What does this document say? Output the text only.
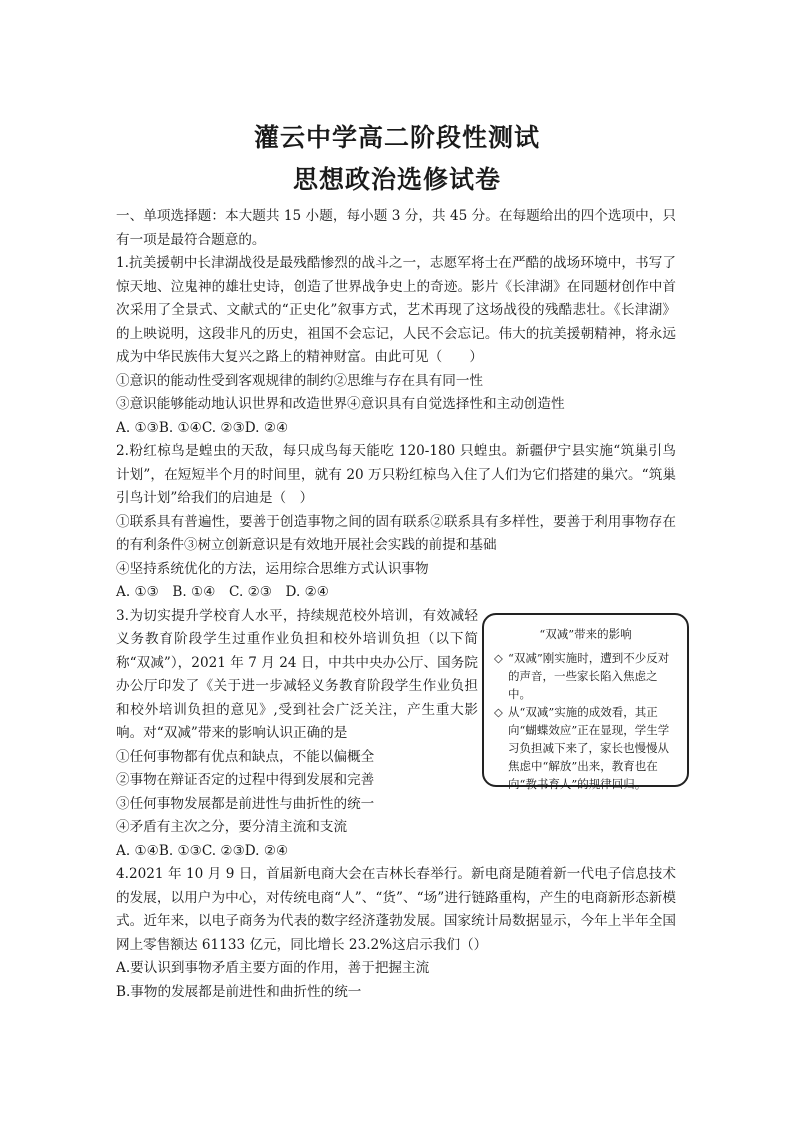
灌云中学高二阶段性测试
思想政治选修试卷

一、单项选择题：本大题共 15 小题，每小题 3 分，共 45 分。在每题给出的四个选项中，只有一项是最符合题意的。

1.抗美援朝中长津湖战役是最残酷惨烈的战斗之一，志愿军将士在严酷的战场环境中，书写了惊天地、泣鬼神的雄壮史诗，创造了世界战争史上的奇迹。影片《长津湖》在同题材创作中首次采用了全景式、文献式的“正史化”叙事方式，艺术再现了这场战役的残酷悲壮。《长津湖》的上映说明，这段非凡的历史，祖国不会忘记，人民不会忘记。伟大的抗美援朝精神，将永远成为中华民族伟大复兴之路上的精神财富。由此可见（　　）

①意识的能动性受到客观规律的制约②思维与存在具有同一性

③意识能够能动地认识世界和改造世界④意识具有自觉选择性和主动创造性

A. ①③B. ①④C. ②③D. ②④

2.粉红椋鸟是蝗虫的天敌，每只成鸟每天能吃 120-180 只蝗虫。新疆伊宁县实施“筑巢引鸟计划”，在短短半个月的时间里，就有 20 万只粉红椋鸟入住了人们为它们搭建的巢穴。“筑巢引鸟计划”给我们的启迪是（　）

①联系具有普遍性，要善于创造事物之间的固有联系②联系具有多样性，要善于利用事物存在的有利条件③树立创新意识是有效地开展社会实践的前提和基础

④坚持系统优化的方法，运用综合思维方式认识事物

A. ①③　B. ①④　C. ②③　D. ②④

3.为切实提升学校育人水平，持续规范校外培训，有效减轻义务教育阶段学生过重作业负担和校外培训负担（以下简称“双减”），2021 年 7 月 24 日，中共中央办公厅、国务院办公厅印发了《关于进一步减轻义务教育阶段学生作业负担和校外培训负担的意见》,受到社会广泛关注，产生重大影响。对“双减”带来的影响认识正确的是

①任何事物都有优点和缺点，不能以偏概全

②事物在辩证否定的过程中得到发展和完善

③任何事物发展都是前进性与曲折性的统一

④矛盾有主次之分，要分清主流和支流

“双减”带来的影响
◇ “双减”刚实施时，遭到不少反对的声音，一些家长陷入焦虑之中。
◇ 从“双减”实施的成效看，其正向“蝴蝶效应”正在显现，学生学习负担减下来了，家长也慢慢从焦虑中“解放”出来，教育也在向“教书育人”的规律回归。

A. ①④B. ①③C. ②③D. ②④

4.2021 年 10 月 9 日，首届新电商大会在吉林长春举行。新电商是随着新一代电子信息技术的发展，以用户为中心，对传统电商“人”、“货”、“场”进行链路重构，产生的电商新形态新模式。近年来，以电子商务为代表的数字经济蓬勃发展。国家统计局数据显示，今年上半年全国网上零售额达 61133 亿元，同比增长 23.2%这启示我们（）

A.要认识到事物矛盾主要方面的作用，善于把握主流

B.事物的发展都是前进性和曲折性的统一
